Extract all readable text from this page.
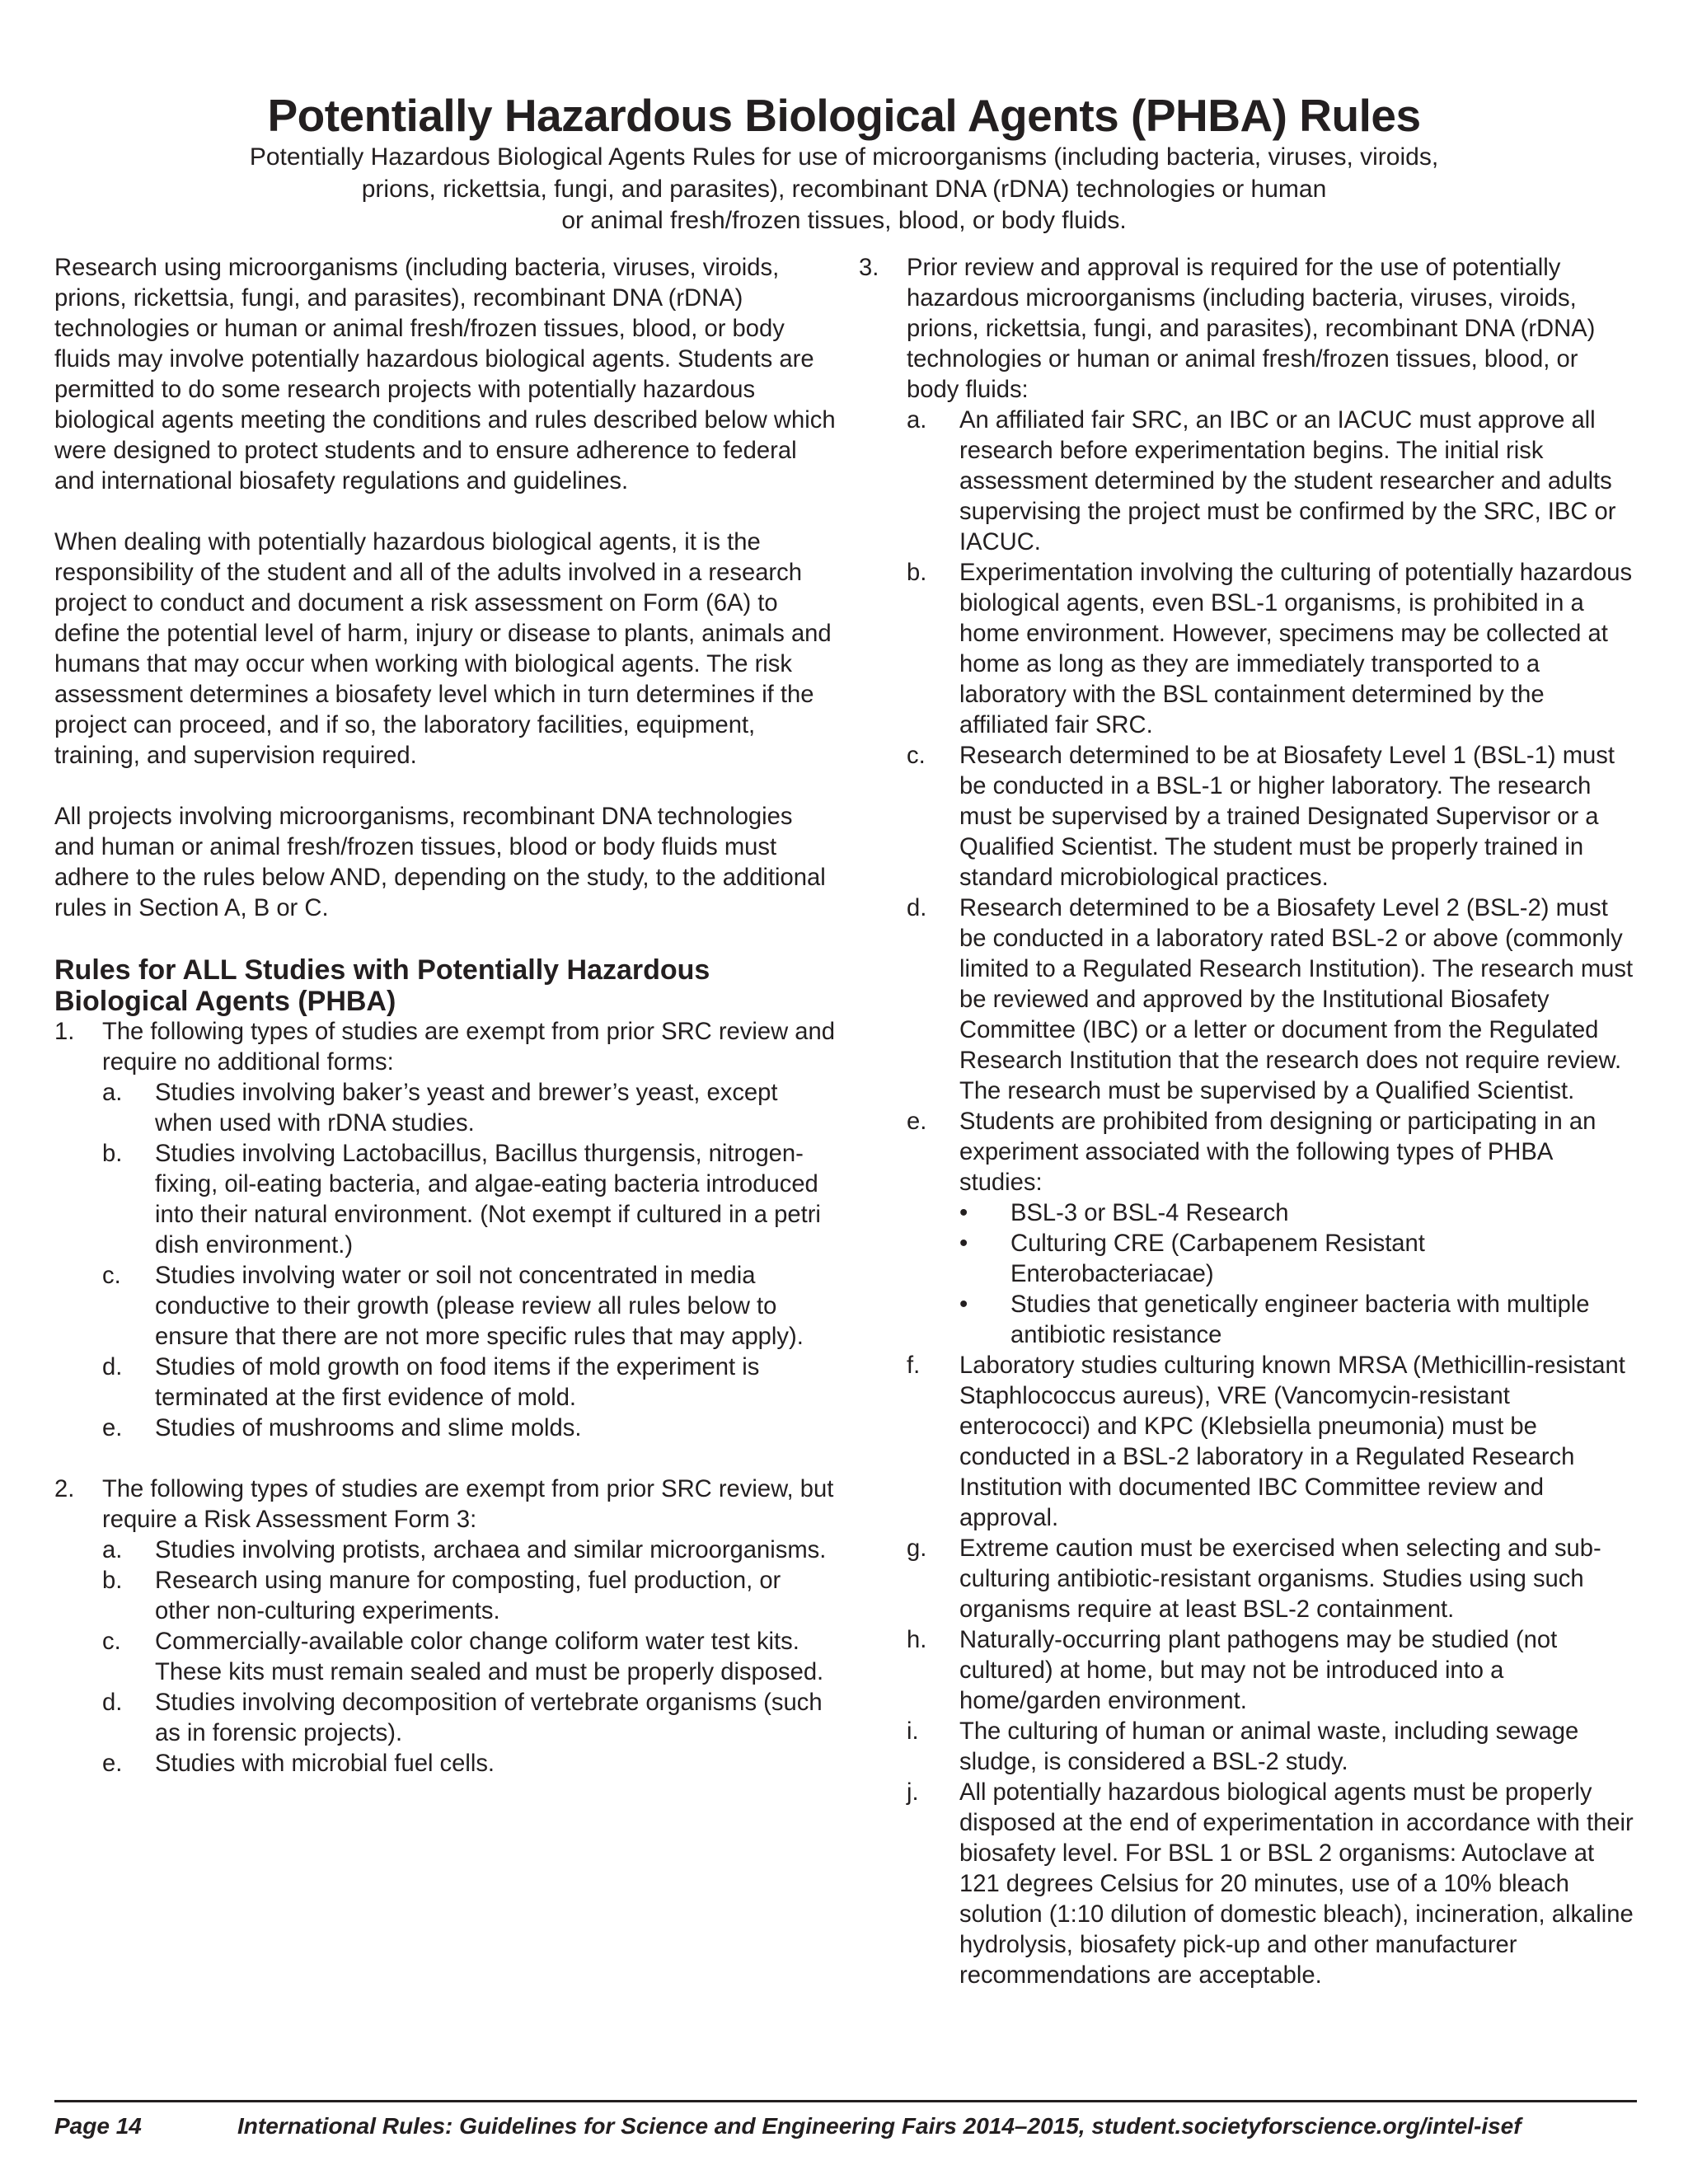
Potentially Hazardous Biological Agents (PHBA) Rules
Potentially Hazardous Biological Agents Rules for use of microorganisms (including bacteria, viruses, viroids,
prions, rickettsia, fungi, and parasites), recombinant DNA (rDNA) technologies or human
or animal fresh/frozen tissues, blood, or body fluids.

Research using microorganisms (including bacteria, viruses, viroids, prions, rickettsia, fungi, and parasites), recombinant DNA (rDNA) technologies or human or animal fresh/frozen tissues, blood, or body fluids may involve potentially hazardous biological agents. Students are permitted to do some research projects with potentially hazardous biological agents meeting the conditions and rules described below which were designed to protect students and to ensure adherence to federal and international biosafety regulations and guidelines.

When dealing with potentially hazardous biological agents, it is the responsibility of the student and all of the adults involved in a research project to conduct and document a risk assessment on Form (6A) to define the potential level of harm, injury or disease to plants, animals and humans that may occur when working with biological agents. The risk assessment determines a biosafety level which in turn determines if the project can proceed, and if so, the laboratory facilities, equipment, training, and supervision required.

All projects involving microorganisms, recombinant DNA technologies and human or animal fresh/frozen tissues, blood or body fluids must adhere to the rules below AND, depending on the study, to the additional rules in Section A, B or C.

Rules for ALL Studies with Potentially Hazardous Biological Agents (PHBA)
1. The following types of studies are exempt from prior SRC review and require no additional forms:
a. Studies involving baker’s yeast and brewer’s yeast, except when used with rDNA studies.
b. Studies involving Lactobacillus, Bacillus thurgensis, nitrogen-fixing, oil-eating bacteria, and algae-eating bacteria introduced into their natural environment. (Not exempt if cultured in a petri dish environment.)
c. Studies involving water or soil not concentrated in media conductive to their growth (please review all rules below to ensure that there are not more specific rules that may apply).
d. Studies of mold growth on food items if the experiment is terminated at the first evidence of mold.
e. Studies of mushrooms and slime molds.
2. The following types of studies are exempt from prior SRC review, but require a Risk Assessment Form 3:
a. Studies involving protists, archaea and similar microorganisms.
b. Research using manure for composting, fuel production, or other non-culturing experiments.
c. Commercially-available color change coliform water test kits. These kits must remain sealed and must be properly disposed.
d. Studies involving decomposition of vertebrate organisms (such as in forensic projects).
e. Studies with microbial fuel cells.
3. Prior review and approval is required for the use of potentially hazardous microorganisms (including bacteria, viruses, viroids, prions, rickettsia, fungi, and parasites), recombinant DNA (rDNA) technologies or human or animal fresh/frozen tissues, blood, or body fluids:
a. An affiliated fair SRC, an IBC or an IACUC must approve all research before experimentation begins. The initial risk assessment determined by the student researcher and adults supervising the project must be confirmed by the SRC, IBC or IACUC.
b. Experimentation involving the culturing of potentially hazardous biological agents, even BSL-1 organisms, is prohibited in a home environment. However, specimens may be collected at home as long as they are immediately transported to a laboratory with the BSL containment determined by the affiliated fair SRC.
c. Research determined to be at Biosafety Level 1 (BSL-1) must be conducted in a BSL-1 or higher laboratory. The research must be supervised by a trained Designated Supervisor or a Qualified Scientist. The student must be properly trained in standard microbiological practices.
d. Research determined to be a Biosafety Level 2 (BSL-2) must be conducted in a laboratory rated BSL-2 or above (commonly limited to a Regulated Research Institution). The research must be reviewed and approved by the Institutional Biosafety Committee (IBC) or a letter or document from the Regulated Research Institution that the research does not require review. The research must be supervised by a Qualified Scientist.
e. Students are prohibited from designing or participating in an experiment associated with the following types of PHBA studies:
• BSL-3 or BSL-4 Research
• Culturing CRE (Carbapenem Resistant Enterobacteriacae)
• Studies that genetically engineer bacteria with multiple antibiotic resistance
f. Laboratory studies culturing known MRSA (Methicillin-resistant Staphlococcus aureus), VRE (Vancomycin-resistant enterococci) and KPC (Klebsiella pneumonia) must be conducted in a BSL-2 laboratory in a Regulated Research Institution with documented IBC Committee review and approval.
g. Extreme caution must be exercised when selecting and sub-culturing antibiotic-resistant organisms. Studies using such organisms require at least BSL-2 containment.
h. Naturally-occurring plant pathogens may be studied (not cultured) at home, but may not be introduced into a home/garden environment.
i. The culturing of human or animal waste, including sewage sludge, is considered a BSL-2 study.
j. All potentially hazardous biological agents must be properly disposed at the end of experimentation in accordance with their biosafety level. For BSL 1 or BSL 2 organisms: Autoclave at 121 degrees Celsius for 20 minutes, use of a 10% bleach solution (1:10 dilution of domestic bleach), incineration, alkaline hydrolysis, biosafety pick-up and other manufacturer recommendations are acceptable.
Page 14	International Rules: Guidelines for Science and Engineering Fairs 2014–2015, student.societyforscience.org/intel-isef
